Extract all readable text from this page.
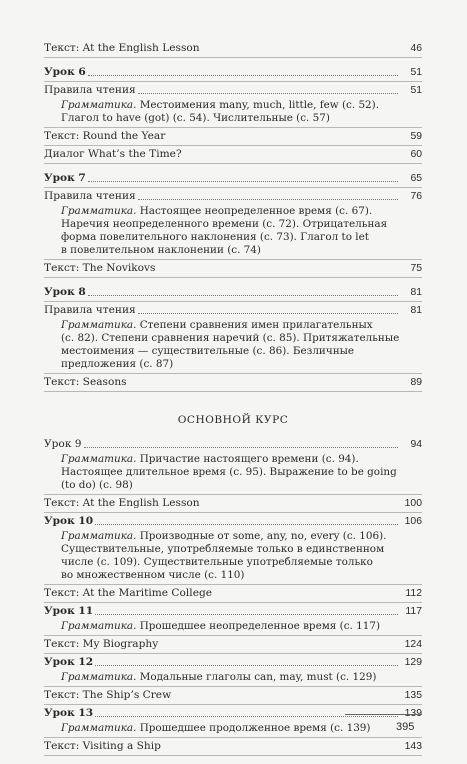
Текст: At the English Lesson	46
Урок 6	51
Правила чтения	51
Грамматика. Местоимения many, much, little, few (с. 52).
Глагол to have (got) (с. 54). Числительные (с. 57)
Текст: Round the Year	59
Диалог What’s the Time?	60
Урок 7	65
Правила чтения	76
Грамматика. Настоящее неопределенное время (с. 67).
Наречия неопределенного времени (с. 72). Отрицательная
форма повелительного наклонения (с. 73). Глагол to let
в повелительном наклонении (с. 74)
Текст: The Novikovs	75
Урок 8	81
Правила чтения	81
Грамматика. Степени сравнения имен прилагательных
(с. 82). Степени сравнения наречий (с. 85). Притяжательные
местоимения — существительные (с. 86). Безличные
предложения (с. 87)
Текст: Seasons	89
ОСНОВНОЙ КУРС
Урок 9	94
Грамматика. Причастие настоящего времени (с. 94).
Настоящее длительное время (с. 95). Выражение to be going
(to do) (с. 98)
Текст: At the English Lesson	100
Урок 10	106
Грамматика. Производные от some, any, no, every (с. 106).
Существительные, употребляемые только в единственном
числе (с. 109). Существительные употребляемые только
во множественном числе (с. 110)
Текст: At the Maritime College	112
Урок 11	117
Грамматика. Прошедшее неопределенное время (с. 117)
Текст: My Biography	124
Урок 12	129
Грамматика. Модальные глаголы can, may, must (с. 129)
Текст: The Ship’s Crew	135
Урок 13	139
Грамматика. Прошедшее продолженное время (с. 139)
Текст: Visiting a Ship	143
395
